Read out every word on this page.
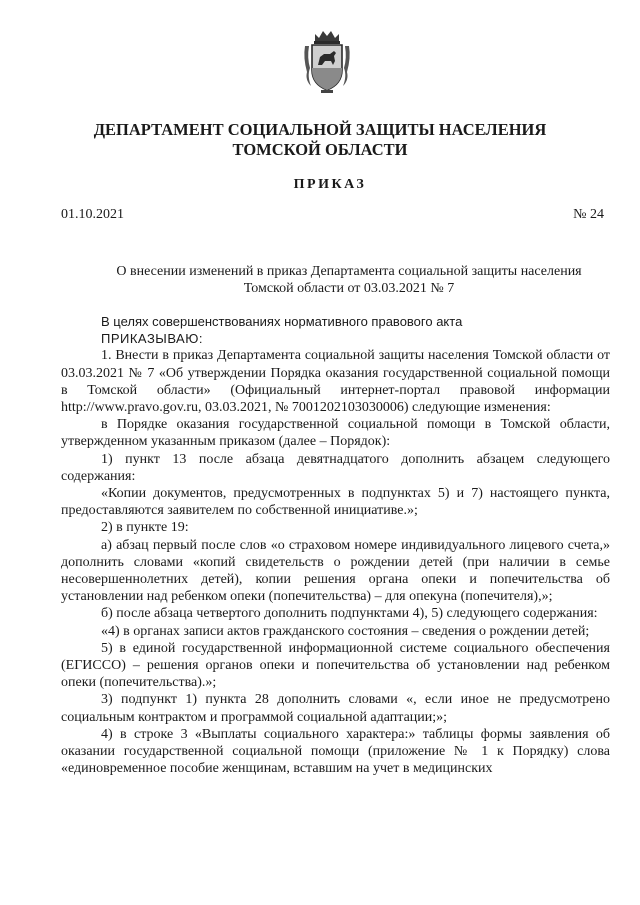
ДЕПАРТАМЕНТ СОЦИАЛЬНОЙ ЗАЩИТЫ НАСЕЛЕНИЯ
ТОМСКОЙ ОБЛАСТИ
ПРИКАЗ
01.10.2021	№ 24
О внесении изменений в приказ Департамента социальной защиты населения
Томской области от 03.03.2021 № 7

В целях совершенствованиях нормативного правового акта

ПРИКАЗЫВАЮ:

1. Внести в приказ Департамента социальной защиты населения Томской области от 03.03.2021 № 7 «Об утверждении Порядка оказания государственной социальной помощи в Томской области» (Официальный интернет-портал правовой информации http://www.pravo.gov.ru, 03.03.2021, № 7001202103030006) следующие изменения:

в Порядке оказания государственной социальной помощи в Томской области, утвержденном указанным приказом (далее – Порядок):

1) пункт 13 после абзаца девятнадцатого дополнить абзацем следующего содержания:

«Копии документов, предусмотренных в подпунктах 5) и 7) настоящего пункта, предоставляются заявителем по собственной инициативе.»;

2) в пункте 19:

а) абзац первый после слов «о страховом номере индивидуального лицевого счета,» дополнить словами «копий свидетельств о рождении детей (при наличии в семье несовершеннолетних детей), копии решения органа опеки и попечительства об установлении над ребенком опеки (попечительства) – для опекуна (попечителя),»;

б) после абзаца четвертого дополнить подпунктами 4), 5) следующего содержания:

«4) в органах записи актов гражданского состояния – сведения о рождении детей;

5) в единой государственной информационной системе социального обеспечения (ЕГИССО) – решения органов опеки и попечительства об установлении над ребенком опеки (попечительства).»;

3) подпункт 1) пункта 28 дополнить словами «, если иное не предусмотрено социальным контрактом и программой социальной адаптации;»;

4) в строке 3 «Выплаты социального характера:» таблицы формы заявления об оказании государственной социальной помощи (приложение № 1 к Порядку) слова «единовременное пособие женщинам, вставшим на учет в медицинских
